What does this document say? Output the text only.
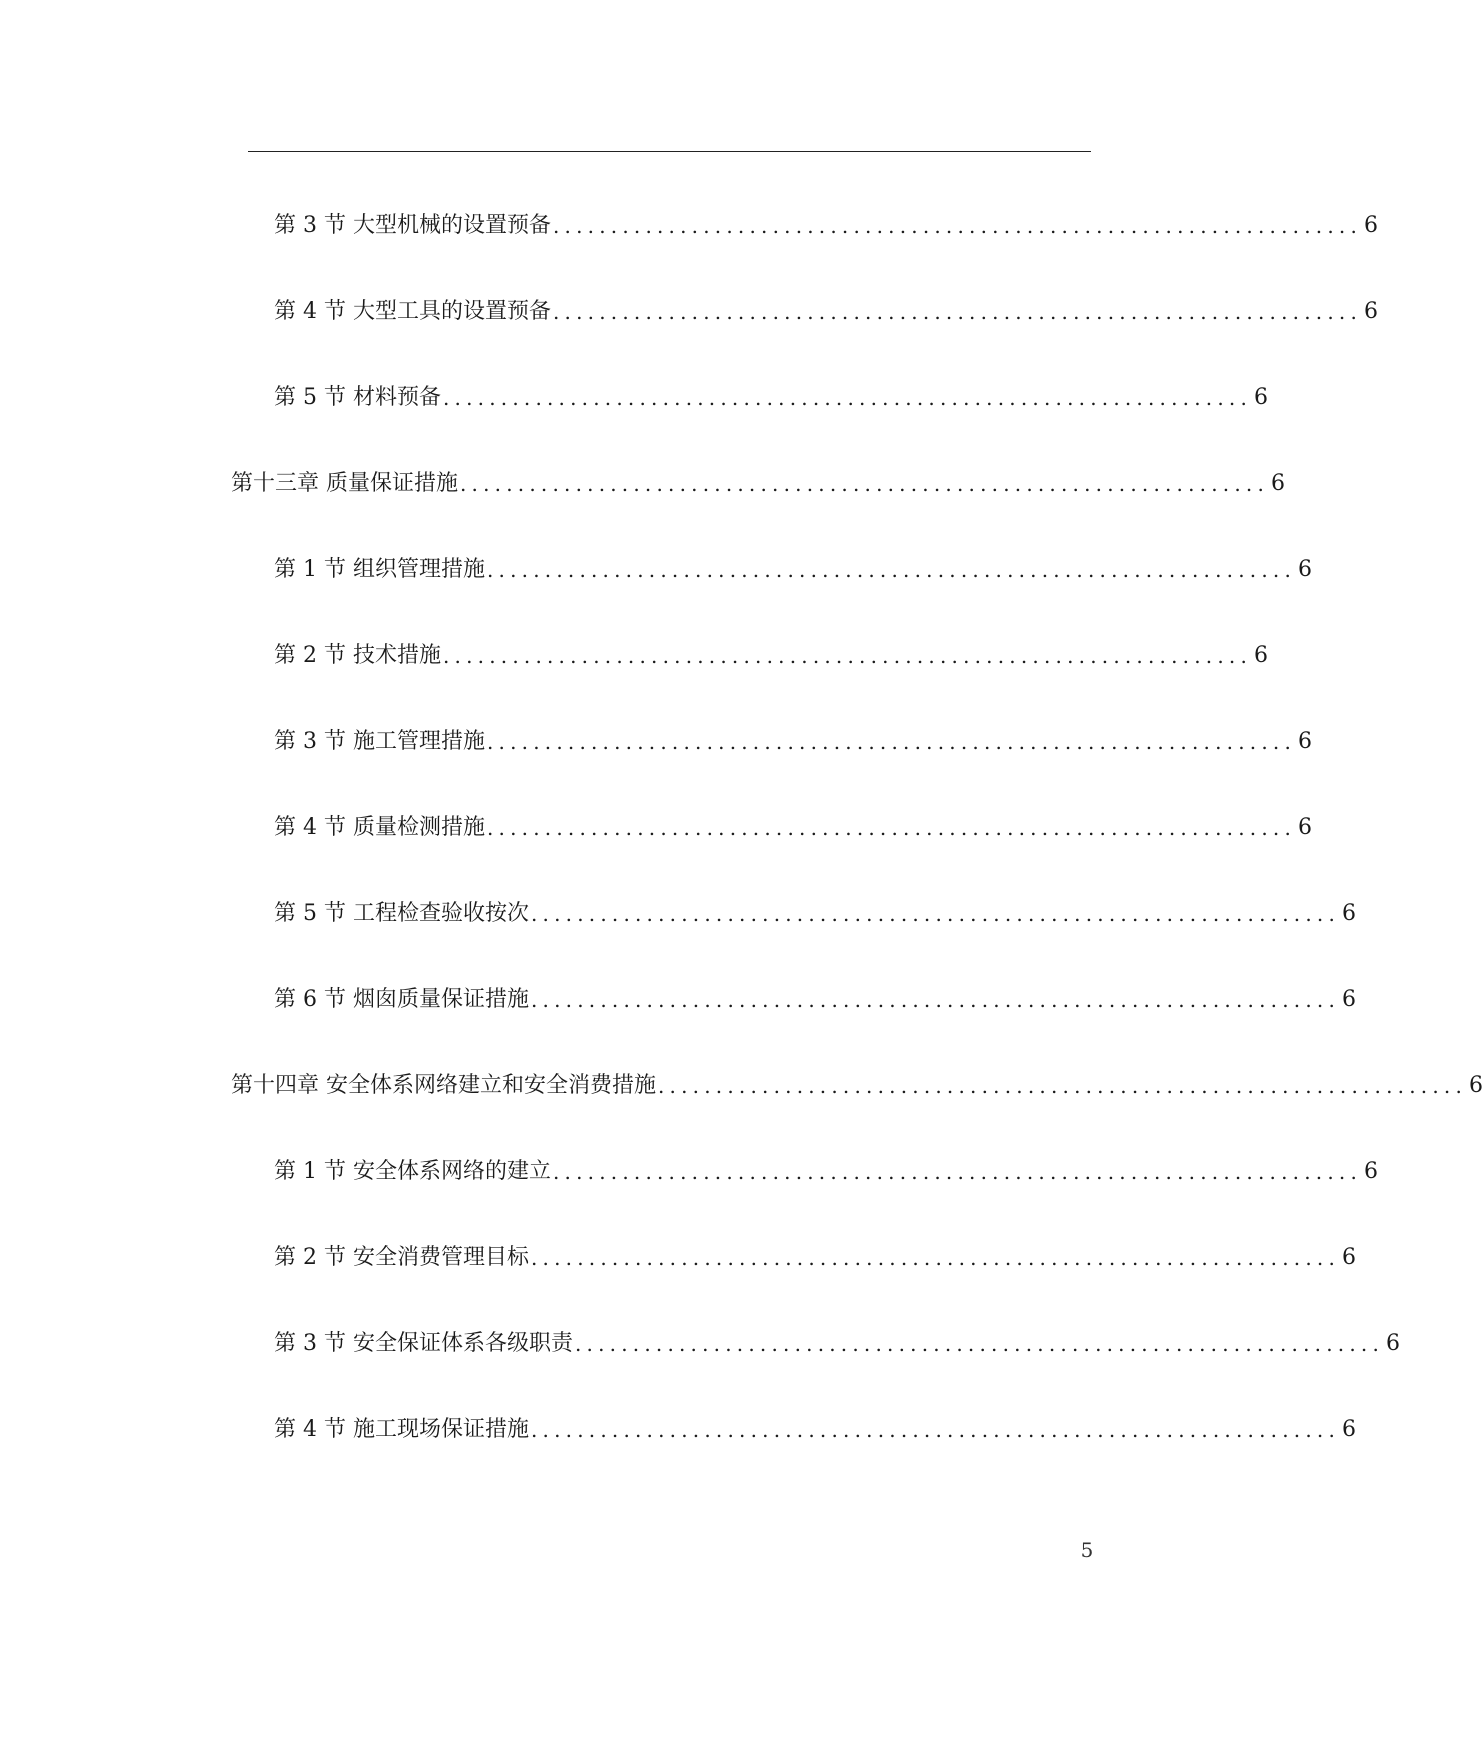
第 3 节 大型机械的设置预备 ...................................................................... 6
第 4 节 大型工具的设置预备 ...................................................................... 6
第 5 节 材料预备 ...................................................................... 6
第十三章 质量保证措施 ...................................................................... 6
第 1 节 组织管理措施 ...................................................................... 6
第 2 节 技术措施 ...................................................................... 6
第 3 节 施工管理措施 ...................................................................... 6
第 4 节 质量检测措施 ...................................................................... 6
第 5 节 工程检查验收按次 ...................................................................... 6
第 6 节 烟囱质量保证措施 ...................................................................... 6
第十四章 安全体系网络建立和安全消费措施 ...................................................................... 6
第 1 节 安全体系网络的建立 ...................................................................... 6
第 2 节 安全消费管理目标 ...................................................................... 6
第 3 节 安全保证体系各级职责 ...................................................................... 6
第 4 节 施工现场保证措施 ...................................................................... 6
5
